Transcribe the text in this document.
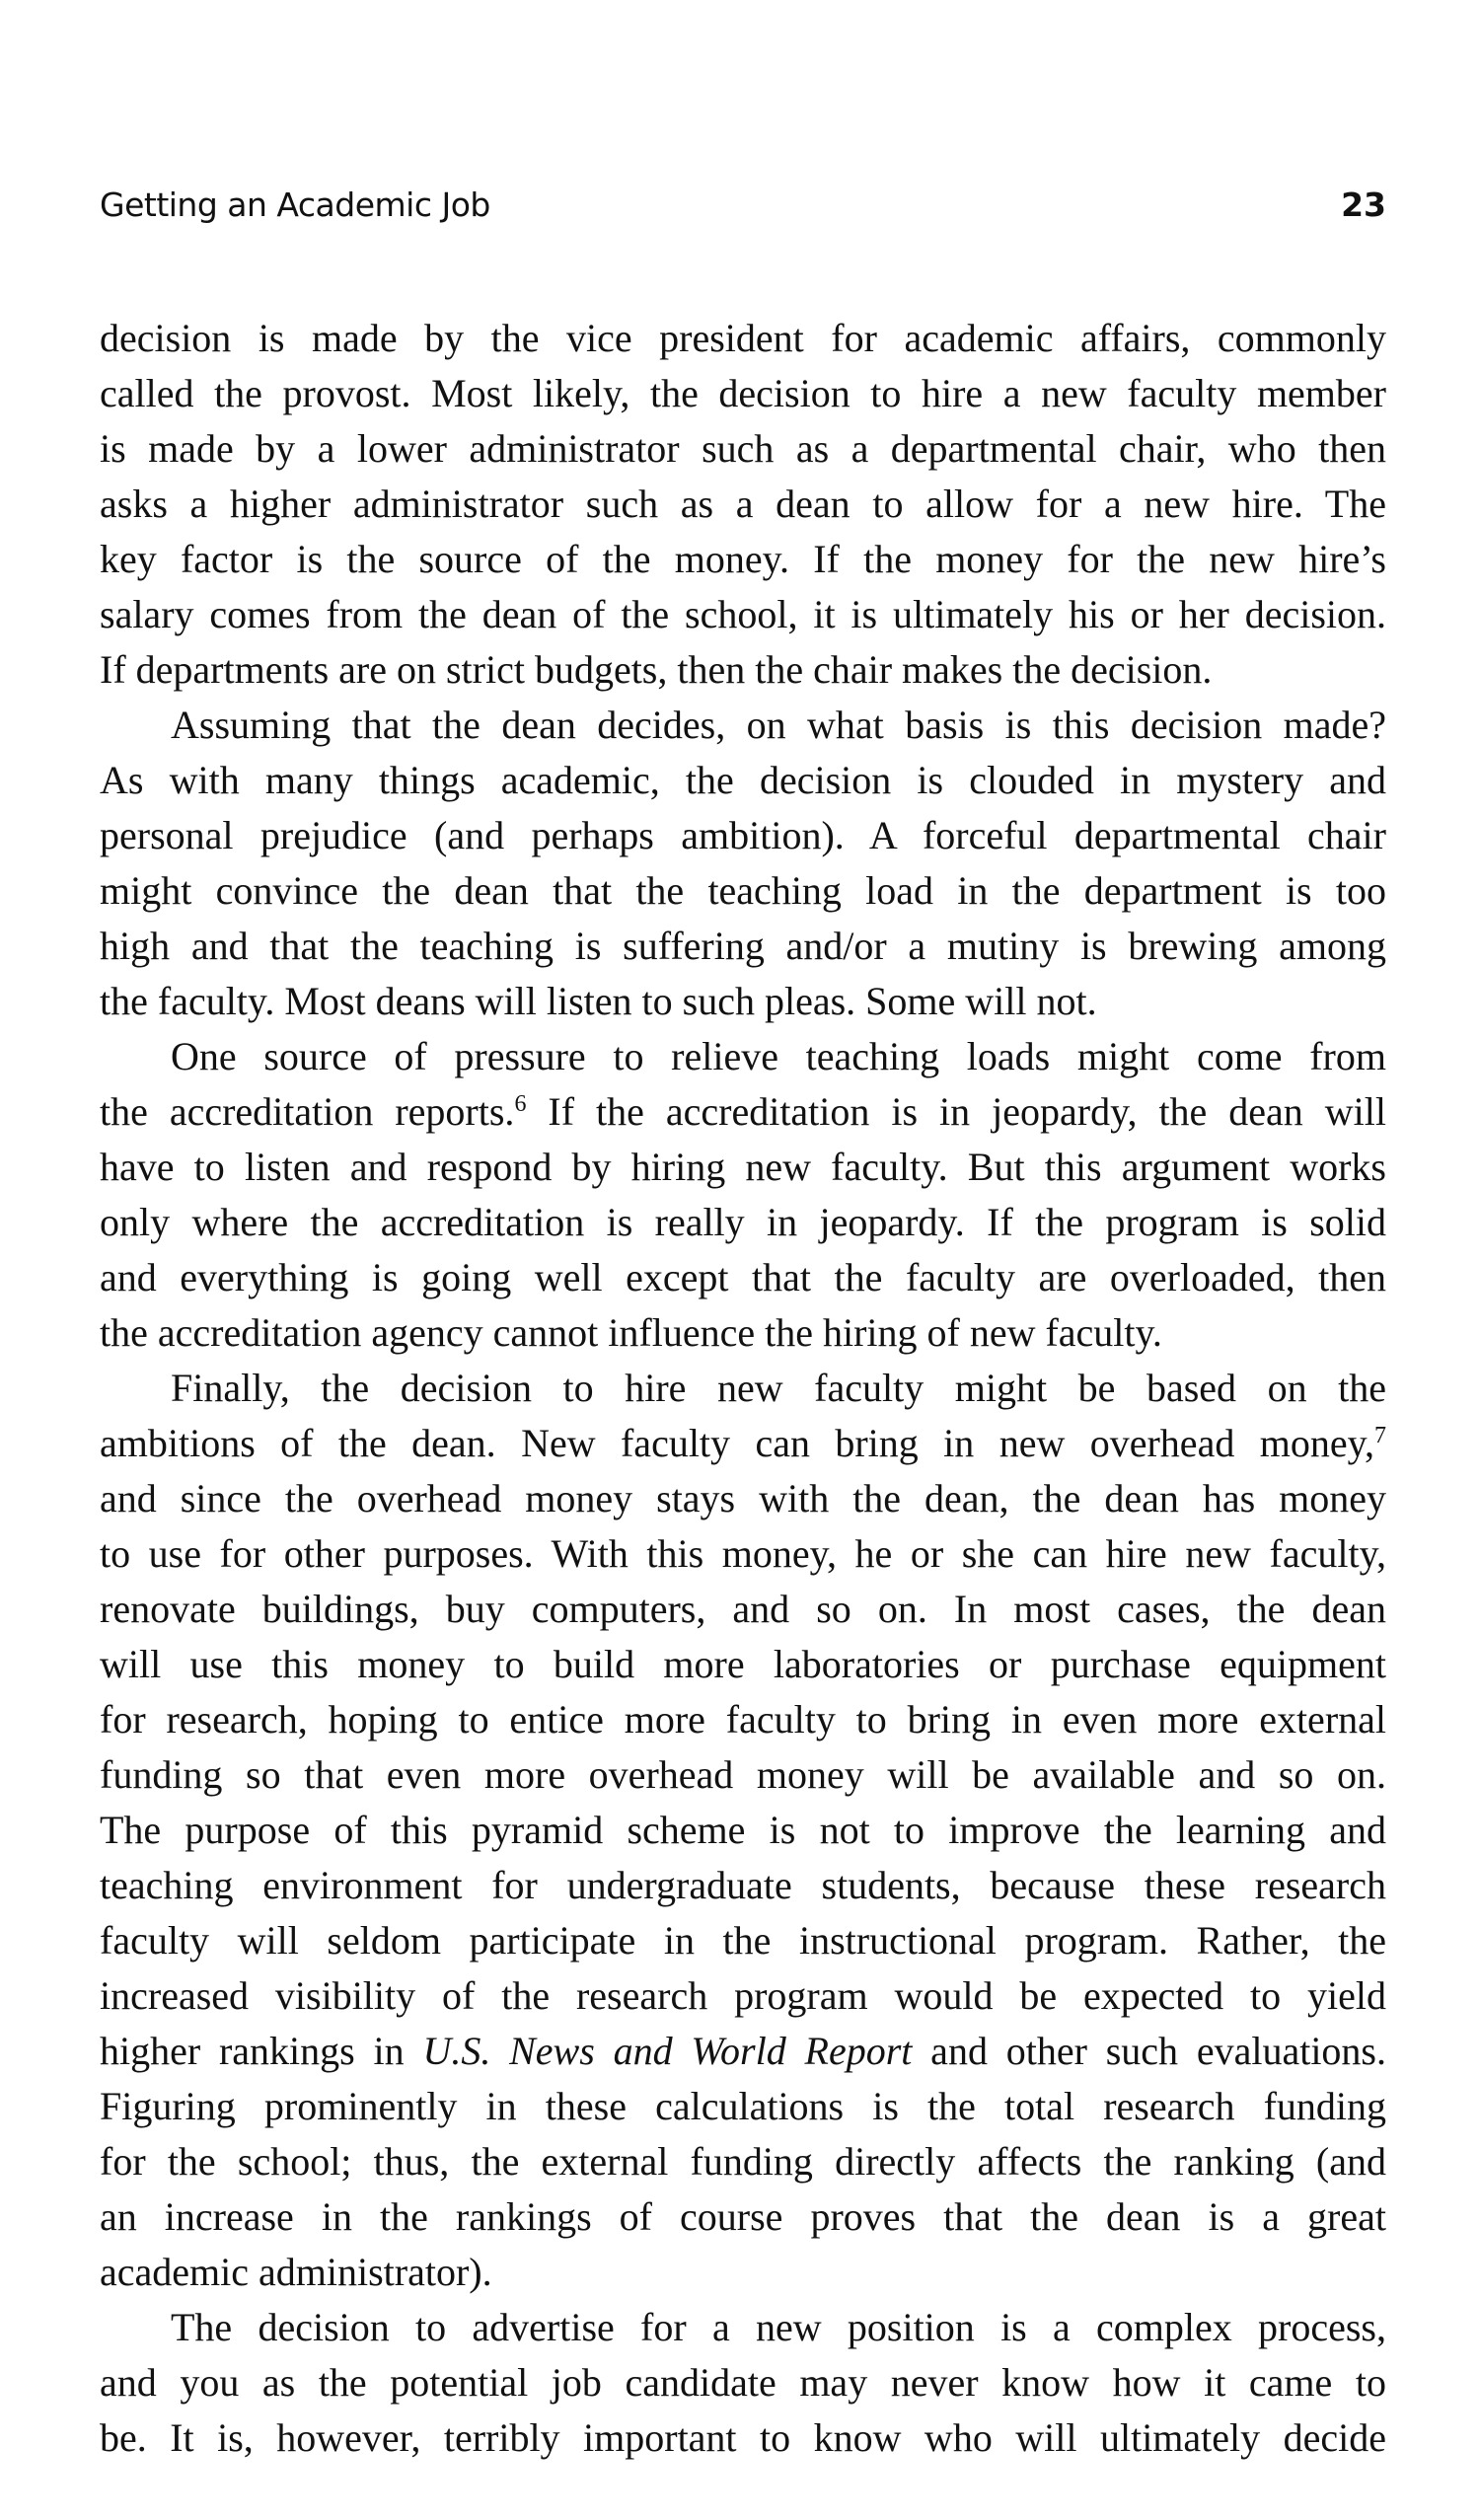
Getting an Academic Job	23
decision is made by the vice president for academic affairs, commonly
called the provost. Most likely, the decision to hire a new faculty member
is made by a lower administrator such as a departmental chair, who then
asks a higher administrator such as a dean to allow for a new hire. The
key factor is the source of the money. If the money for the new hire’s
salary comes from the dean of the school, it is ultimately his or her decision.
If departments are on strict budgets, then the chair makes the decision.
Assuming that the dean decides, on what basis is this decision made?
As with many things academic, the decision is clouded in mystery and
personal prejudice (and perhaps ambition). A forceful departmental chair
might convince the dean that the teaching load in the department is too
high and that the teaching is suffering and/or a mutiny is brewing among
the faculty. Most deans will listen to such pleas. Some will not.
One source of pressure to relieve teaching loads might come from
the accreditation reports.$^6$ If the accreditation is in jeopardy, the dean will
have to listen and respond by hiring new faculty. But this argument works
only where the accreditation is really in jeopardy. If the program is solid
and everything is going well except that the faculty are overloaded, then
the accreditation agency cannot influence the hiring of new faculty.
Finally, the decision to hire new faculty might be based on the
ambitions of the dean. New faculty can bring in new overhead money,$^7$
and since the overhead money stays with the dean, the dean has money
to use for other purposes. With this money, he or she can hire new faculty,
renovate buildings, buy computers, and so on. In most cases, the dean
will use this money to build more laboratories or purchase equipment
for research, hoping to entice more faculty to bring in even more external
funding so that even more overhead money will be available and so on.
The purpose of this pyramid scheme is not to improve the learning and
teaching environment for undergraduate students, because these research
faculty will seldom participate in the instructional program. Rather, the
increased visibility of the research program would be expected to yield
higher rankings in U.S. News and World Report and other such evaluations.
Figuring prominently in these calculations is the total research funding
for the school; thus, the external funding directly affects the ranking (and
an increase in the rankings of course proves that the dean is a great
academic administrator).
The decision to advertise for a new position is a complex process,
and you as the potential job candidate may never know how it came to
be. It is, however, terribly important to know who will ultimately decide
